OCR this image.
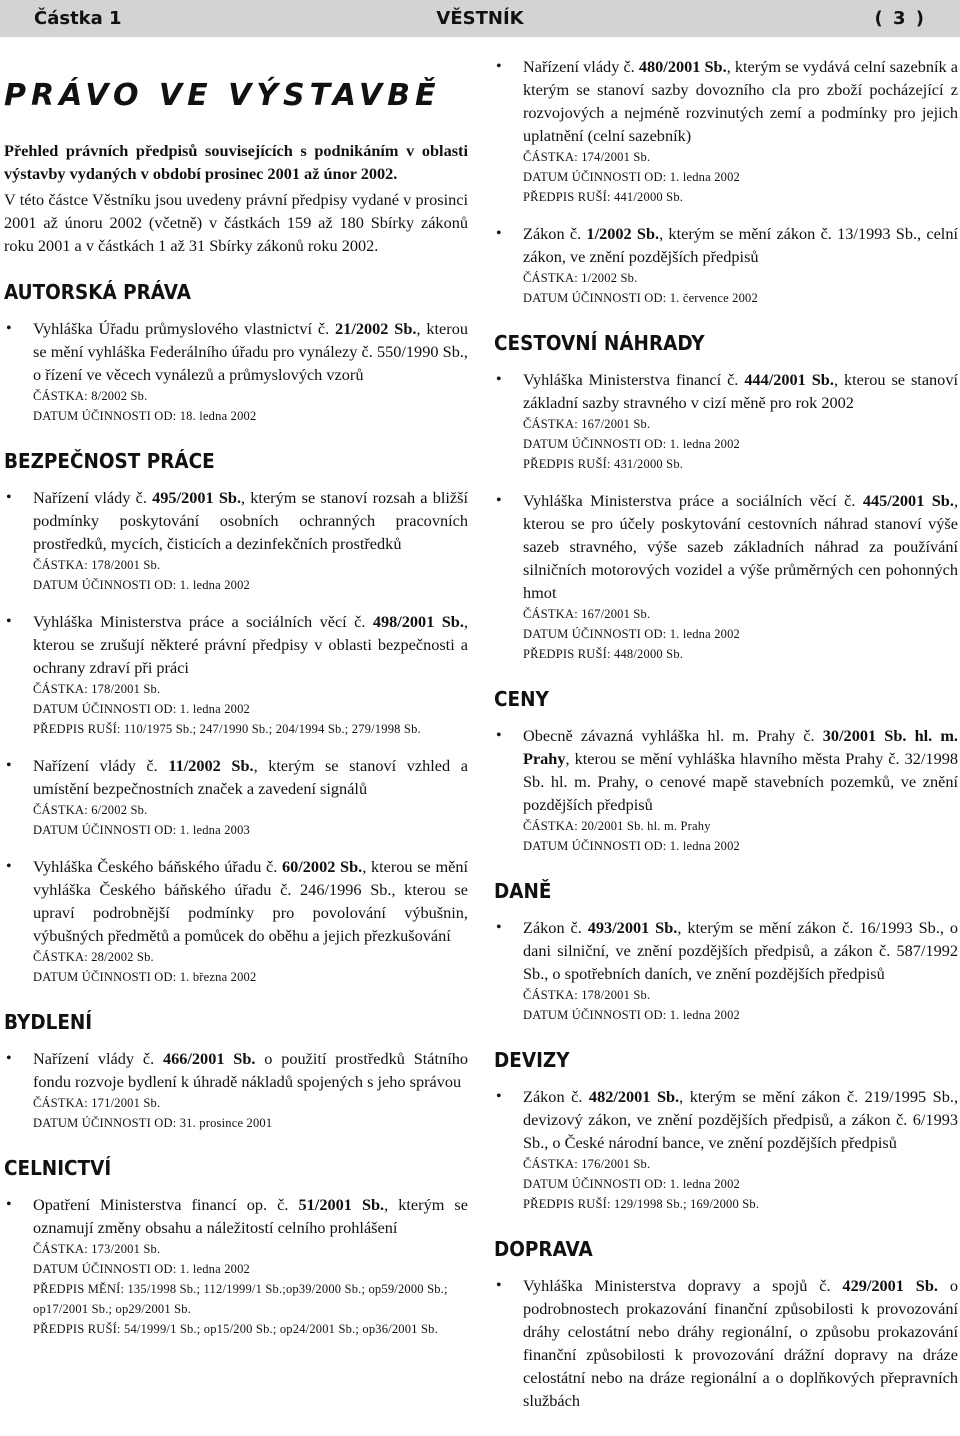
Částka 1	VĚSTNÍK	( 3 )
PRÁVO VE VÝSTAVBĚ

Přehled právních předpisů souvisejících s podnikáním v oblasti výstavby vydaných v období prosinec 2001 až únor 2002.

V této částce Věstníku jsou uvedeny právní předpisy vydané v prosinci 2001 až únoru 2002 (včetně) v částkách 159 až 180 Sbírky zákonů roku 2001 a v částkách 1 až 31 Sbírky zákonů roku 2002.

AUTORSKÁ PRÁVA
• Vyhláška Úřadu průmyslového vlastnictví č. 21/2002 Sb., kterou se mění vyhláška Federálního úřadu pro vynálezy č. 550/1990 Sb., o řízení ve věcech vynálezů a průmyslových vzorů

ČÁSTKA: 8/2002 Sb.

DATUM ÚČINNOSTI OD: 18. ledna 2002

BEZPEČNOST PRÁCE
• Nařízení vlády č. 495/2001 Sb., kterým se stanoví rozsah a bližší podmínky poskytování osobních ochranných pracovních prostředků, mycích, čisticích a dezinfekčních prostředků

ČÁSTKA: 178/2001 Sb.

DATUM ÚČINNOSTI OD: 1. ledna 2002

• Vyhláška Ministerstva práce a sociálních věcí č. 498/2001 Sb., kterou se zrušují některé právní předpisy v oblasti bezpečnosti a ochrany zdraví při práci

ČÁSTKA: 178/2001 Sb.

DATUM ÚČINNOSTI OD: 1. ledna 2002

PŘEDPIS RUŠÍ: 110/1975 Sb.; 247/1990 Sb.; 204/1994 Sb.; 279/1998 Sb.

• Nařízení vlády č. 11/2002 Sb., kterým se stanoví vzhled a umístění bezpečnostních značek a zavedení signálů

ČÁSTKA: 6/2002 Sb.

DATUM ÚČINNOSTI OD: 1. ledna 2003

• Vyhláška Českého báňského úřadu č. 60/2002 Sb., kterou se mění vyhláška Českého báňského úřadu č. 246/1996 Sb., kterou se upraví podrobnější podmínky pro povolování výbušnin, výbušných předmětů a pomůcek do oběhu a jejich přezkušování

ČÁSTKA: 28/2002 Sb.

DATUM ÚČINNOSTI OD: 1. března 2002

BYDLENÍ
• Nařízení vlády č. 466/2001 Sb. o použití prostředků Státního fondu rozvoje bydlení k úhradě nákladů spojených s jeho správou

ČÁSTKA: 171/2001 Sb.

DATUM ÚČINNOSTI OD: 31. prosince 2001

CELNICTVÍ
• Opatření Ministerstva financí op. č. 51/2001 Sb., kterým se oznamují změny obsahu a náležitostí celního prohlášení

ČÁSTKA: 173/2001 Sb.

DATUM ÚČINNOSTI OD: 1. ledna 2002

PŘEDPIS MĚNÍ: 135/1998 Sb.; 112/1999/1 Sb.;op39/2000 Sb.; op59/2000 Sb.; op17/2001 Sb.; op29/2001 Sb.

PŘEDPIS RUŠÍ: 54/1999/1 Sb.; op15/200 Sb.; op24/2001 Sb.; op36/2001 Sb.

• Nařízení vlády č. 480/2001 Sb., kterým se vydává celní sazebník a kterým se stanoví sazby dovozního cla pro zboží pocházející z rozvojových a nejméně rozvinutých zemí a podmínky pro jejich uplatnění (celní sazebník)

ČÁSTKA: 174/2001 Sb.

DATUM ÚČINNOSTI OD: 1. ledna 2002

PŘEDPIS RUŠÍ: 441/2000 Sb.

• Zákon č. 1/2002 Sb., kterým se mění zákon č. 13/1993 Sb., celní zákon, ve znění pozdějších předpisů

ČÁSTKA: 1/2002 Sb.

DATUM ÚČINNOSTI OD: 1. července 2002

CESTOVNÍ NÁHRADY
• Vyhláška Ministerstva financí č. 444/2001 Sb., kterou se stanoví základní sazby stravného v cizí měně pro rok 2002

ČÁSTKA: 167/2001 Sb.

DATUM ÚČINNOSTI OD: 1. ledna 2002

PŘEDPIS RUŠÍ: 431/2000 Sb.

• Vyhláška Ministerstva práce a sociálních věcí č. 445/2001 Sb., kterou se pro účely poskytování cestovních náhrad stanoví výše sazeb stravného, výše sazeb základních náhrad za používání silničních motorových vozidel a výše průměrných cen pohonných hmot

ČÁSTKA: 167/2001 Sb.

DATUM ÚČINNOSTI OD: 1. ledna 2002

PŘEDPIS RUŠÍ: 448/2000 Sb.

CENY
• Obecně závazná vyhláška hl. m. Prahy č. 30/2001 Sb. hl. m. Prahy, kterou se mění vyhláška hlavního města Prahy č. 32/1998 Sb. hl. m. Prahy, o cenové mapě stavebních pozemků, ve znění pozdějších předpisů

ČÁSTKA: 20/2001 Sb. hl. m. Prahy

DATUM ÚČINNOSTI OD: 1. ledna 2002

DANĚ
• Zákon č. 493/2001 Sb., kterým se mění zákon č. 16/1993 Sb., o dani silniční, ve znění pozdějších předpisů, a zákon č. 587/1992 Sb., o spotřebních daních, ve znění pozdějších předpisů

ČÁSTKA: 178/2001 Sb.

DATUM ÚČINNOSTI OD: 1. ledna 2002

DEVIZY
• Zákon č. 482/2001 Sb., kterým se mění zákon č. 219/1995 Sb., devizový zákon, ve znění pozdějších předpisů, a zákon č. 6/1993 Sb., o České národní bance, ve znění pozdějších předpisů

ČÁSTKA: 176/2001 Sb.

DATUM ÚČINNOSTI OD: 1. ledna 2002

PŘEDPIS RUŠÍ: 129/1998 Sb.; 169/2000 Sb.

DOPRAVA
• Vyhláška Ministerstva dopravy a spojů č. 429/2001 Sb. o podrobnostech prokazování finanční způsobilosti k provozování dráhy celostátní nebo dráhy regionální, o způsobu prokazování finanční způsobilosti k provozování drážní dopravy na dráze celostátní nebo na dráze regionální a o doplňkových přepravních službách
